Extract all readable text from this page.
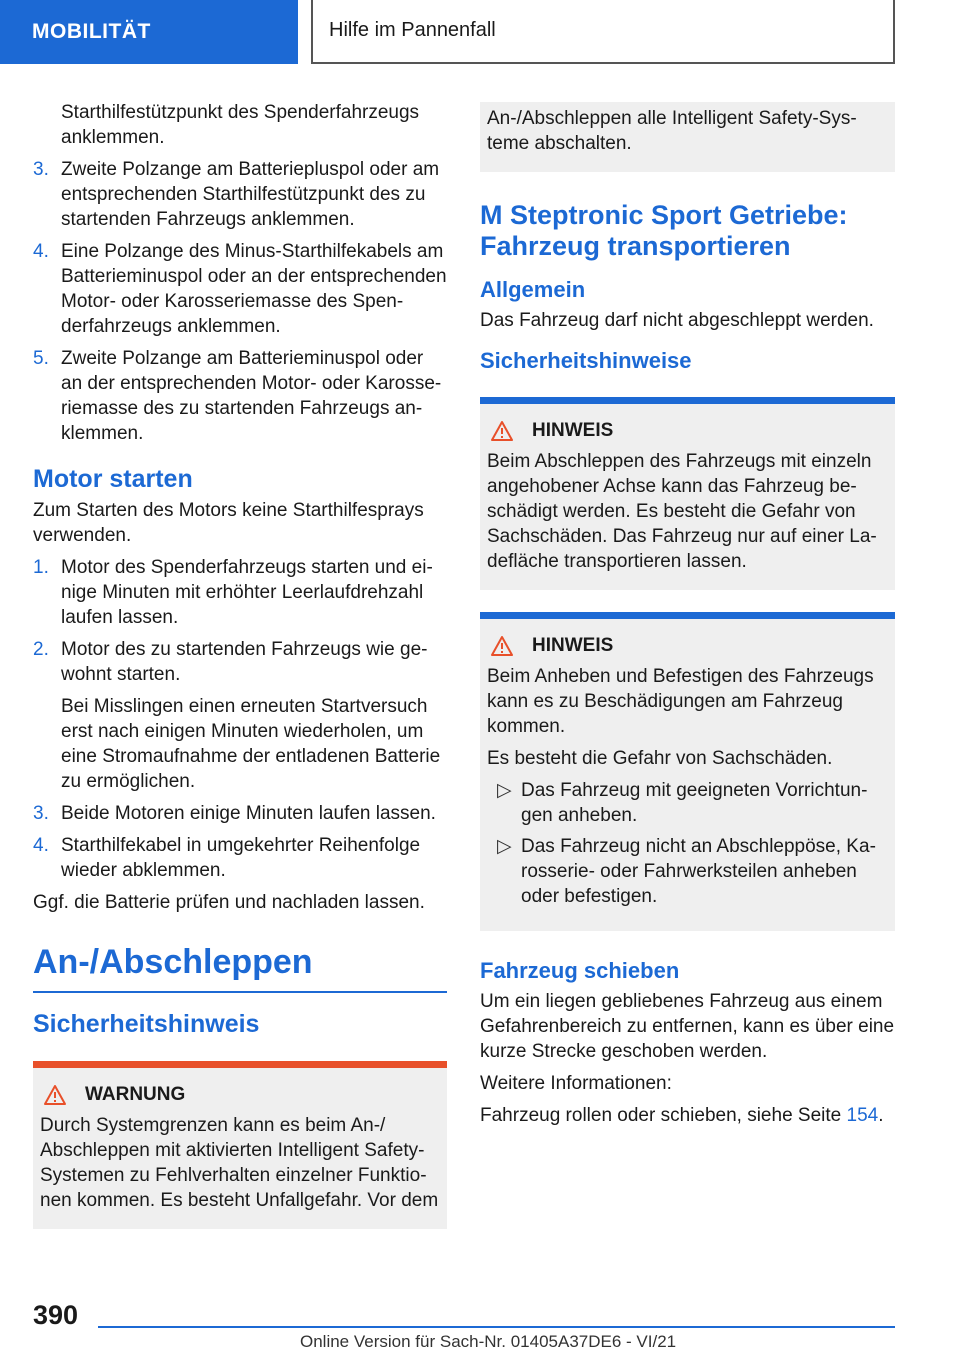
MOBILITÄT	Hilfe im Pannenfall

Starthilfestützpunkt des Spenderfahrzeugs anklemmen.

3. Zweite Polzange am Batteriepluspol oder am entsprechenden Starthilfestützpunkt des zu startenden Fahrzeugs anklemmen.
4. Eine Polzange des Minus-Starthilfekabels am Batterieminuspol oder an der entsprechenden Motor- oder Karosseriemasse des Spenderfahrzeugs anklemmen.
5. Zweite Polzange am Batterieminuspol oder an der entsprechenden Motor- oder Karosseriemasse des zu startenden Fahrzeugs anklemmen.
Motor starten

Zum Starten des Motors keine Starthilfesprays verwenden.

1. Motor des Spenderfahrzeugs starten und einige Minuten mit erhöhter Leerlaufdrehzahl laufen lassen.
2. Motor des zu startenden Fahrzeugs wie gewohnt starten.

Bei Misslingen einen erneuten Startversuch erst nach einigen Minuten wiederholen, um eine Stromaufnahme der entladenen Batterie zu ermöglichen.

3. Beide Motoren einige Minuten laufen lassen.
4. Starthilfekabel in umgekehrter Reihenfolge wieder abklemmen.

Ggf. die Batterie prüfen und nachladen lassen.

An-/Abschleppen
Sicherheitshinweis
WARNUNG
Durch Systemgrenzen kann es beim An-/ Abschleppen mit aktivierten Intelligent Safety-Systemen zu Fehlverhalten einzelner Funktionen kommen. Es besteht Unfallgefahr. Vor dem
An-/Abschleppen alle Intelligent Safety-Systeme abschalten.
M Steptronic Sport Getriebe: Fahrzeug transportieren
Allgemein

Das Fahrzeug darf nicht abgeschleppt werden.

Sicherheitshinweise
HINWEIS
Beim Abschleppen des Fahrzeugs mit einzeln angehobener Achse kann das Fahrzeug beschädigt werden. Es besteht die Gefahr von Sachschäden. Das Fahrzeug nur auf einer Ladefläche transportieren lassen.
HINWEIS

Beim Anheben und Befestigen des Fahrzeugs kann es zu Beschädigungen am Fahrzeug kommen.

Es besteht die Gefahr von Sachschäden.

▷ Das Fahrzeug mit geeigneten Vorrichtungen anheben.
▷ Das Fahrzeug nicht an Abschleppöse, Karosserie- oder Fahrwerksteilen anheben oder befestigen.
Fahrzeug schieben

Um ein liegen gebliebenes Fahrzeug aus einem Gefahrenbereich zu entfernen, kann es über eine kurze Strecke geschoben werden.

Weitere Informationen:

Fahrzeug rollen oder schieben, siehe Seite 154.

390
Online Version für Sach-Nr. 01405A37DE6 - VI/21
